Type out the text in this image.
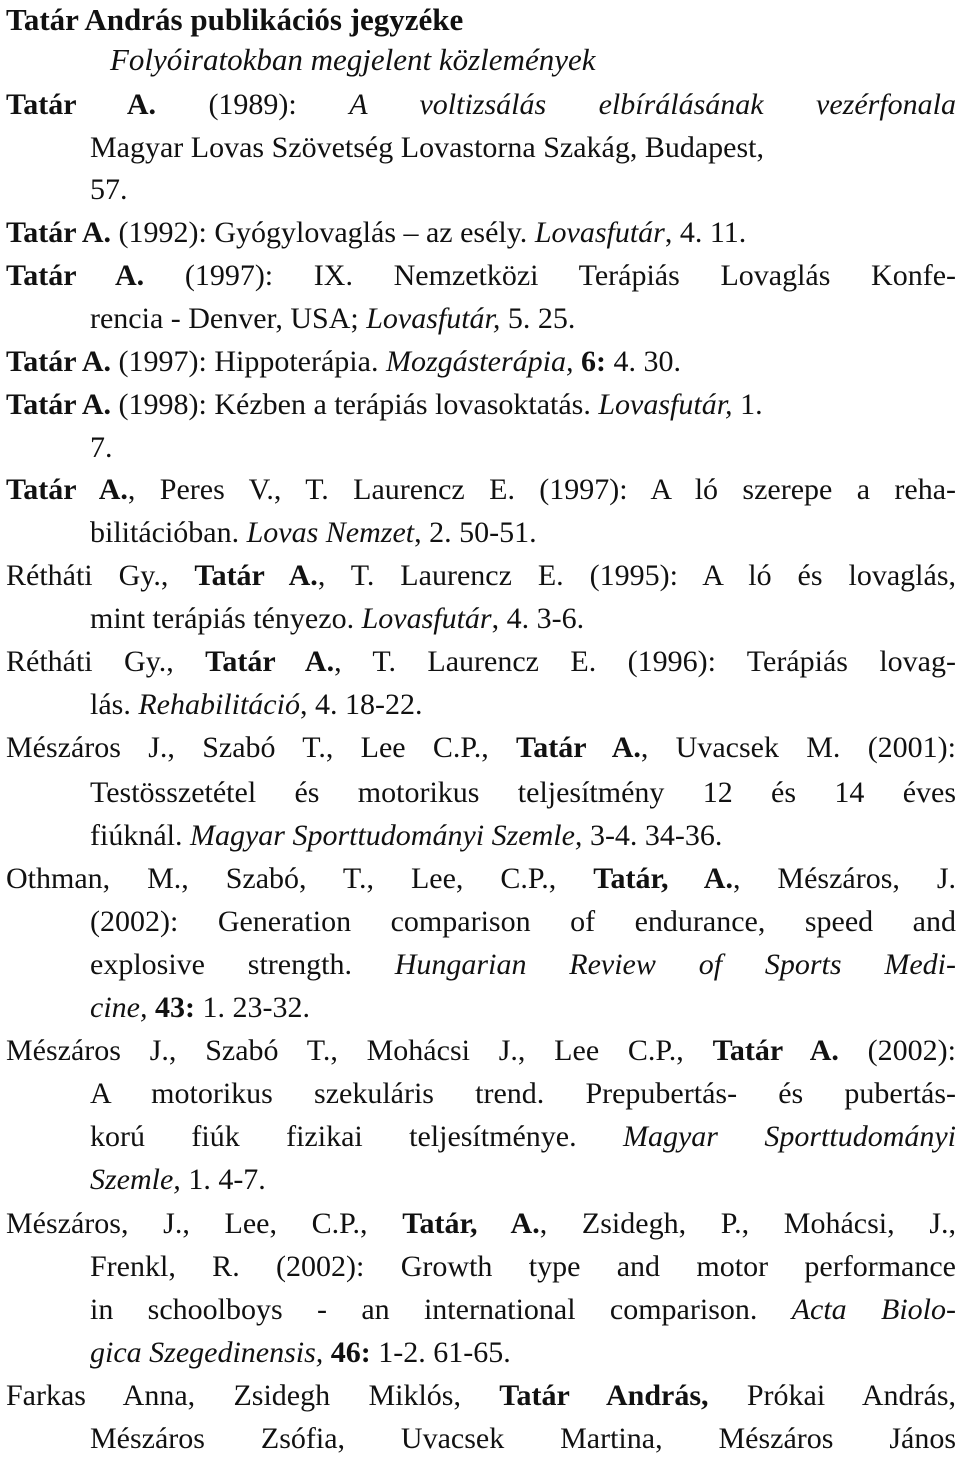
Tatár András publikációs jegyzéke
Folyóiratokban megjelent közlemények
Tatár A. (1989): A voltizsálás elbírálásának vezérfonala
Magyar Lovas Szövetség Lovastorna Szakág, Budapest,
57.
Tatár A. (1992): Gyógylovaglás – az esély. Lovasfutár, 4. 11.
Tatár A. (1997): IX. Nemzetközi Terápiás Lovaglás Konfe-
rencia - Denver, USA; Lovasfutár, 5. 25.
Tatár A. (1997): Hippoterápia. Mozgásterápia, 6: 4. 30.
Tatár A. (1998): Kézben a terápiás lovasoktatás. Lovasfutár, 1.
7.
Tatár A., Peres V., T. Laurencz E. (1997): A ló szerepe a reha-
bilitációban. Lovas Nemzet, 2. 50-51.
Rétháti Gy., Tatár A., T. Laurencz E. (1995): A ló és lovaglás,
mint terápiás tényezo. Lovasfutár, 4. 3-6.
Rétháti Gy., Tatár A., T. Laurencz E. (1996): Terápiás lovag-
lás. Rehabilitáció, 4. 18-22.
Mészáros J., Szabó T., Lee C.P., Tatár A., Uvacsek M. (2001):
Testösszetétel és motorikus teljesítmény 12 és 14 éves
fiúknál. Magyar Sporttudományi Szemle, 3-4. 34-36.
Othman, M., Szabó, T., Lee, C.P., Tatár, A., Mészáros, J.
(2002): Generation comparison of endurance, speed and
explosive strength. Hungarian Review of Sports Medi-
cine, 43: 1. 23-32.
Mészáros J., Szabó T., Mohácsi J., Lee C.P., Tatár A. (2002):
A motorikus szekuláris trend. Prepubertás- és pubertás-
korú fiúk fizikai teljesítménye. Magyar Sporttudományi
Szemle, 1. 4-7.
Mészáros, J., Lee, C.P., Tatár, A., Zsidegh, P., Mohácsi, J.,
Frenkl, R. (2002): Growth type and motor performance
in schoolboys - an international comparison. Acta Biolo-
gica Szegedinensis, 46: 1-2. 61-65.
Farkas Anna, Zsidegh Miklós, Tatár András, Prókai András,
Mészáros Zsófia, Uvacsek Martina, Mészáros János
